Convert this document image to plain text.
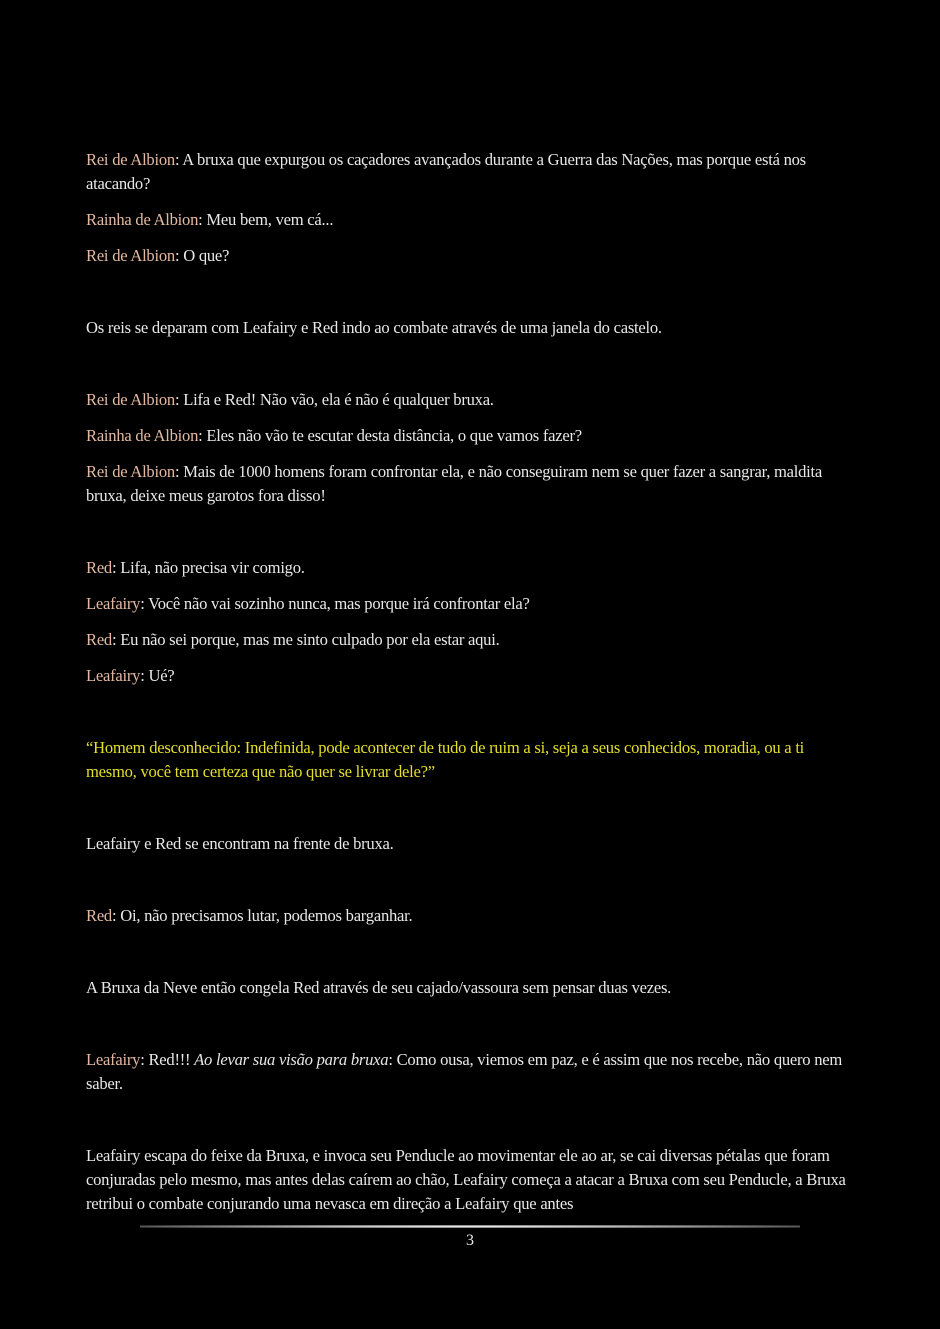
Rei de Albion: A bruxa que expurgou os caçadores avançados durante a Guerra das Nações, mas porque está nos atacando?

Rainha de Albion: Meu bem, vem cá...

Rei de Albion: O que?

Os reis se deparam com Leafairy e Red indo ao combate através de uma janela do castelo.

Rei de Albion: Lifa e Red! Não vão, ela é não é qualquer bruxa.

Rainha de Albion: Eles não vão te escutar desta distância, o que vamos fazer?

Rei de Albion: Mais de 1000 homens foram confrontar ela, e não conseguiram nem se quer fazer a sangrar, maldita bruxa, deixe meus garotos fora disso!

Red: Lifa, não precisa vir comigo.

Leafairy: Você não vai sozinho nunca, mas porque irá confrontar ela?

Red: Eu não sei porque, mas me sinto culpado por ela estar aqui.

Leafairy: Ué?

“Homem desconhecido: Indefinida, pode acontecer de tudo de ruim a si, seja a seus conhecidos, moradia, ou a ti mesmo, você tem certeza que não quer se livrar dele?”

Leafairy e Red se encontram na frente de bruxa.

Red: Oi, não precisamos lutar, podemos barganhar.

A Bruxa da Neve então congela Red através de seu cajado/vassoura sem pensar duas vezes.

Leafairy: Red!!! Ao levar sua visão para bruxa: Como ousa, viemos em paz, e é assim que nos recebe, não quero nem saber.

Leafairy escapa do feixe da Bruxa, e invoca seu Penducle ao movimentar ele ao ar, se cai diversas pétalas que foram conjuradas pelo mesmo, mas antes delas caírem ao chão, Leafairy começa a atacar a Bruxa com seu Penducle, a Bruxa retribui o combate conjurando uma nevasca em direção a Leafairy que antes

3
